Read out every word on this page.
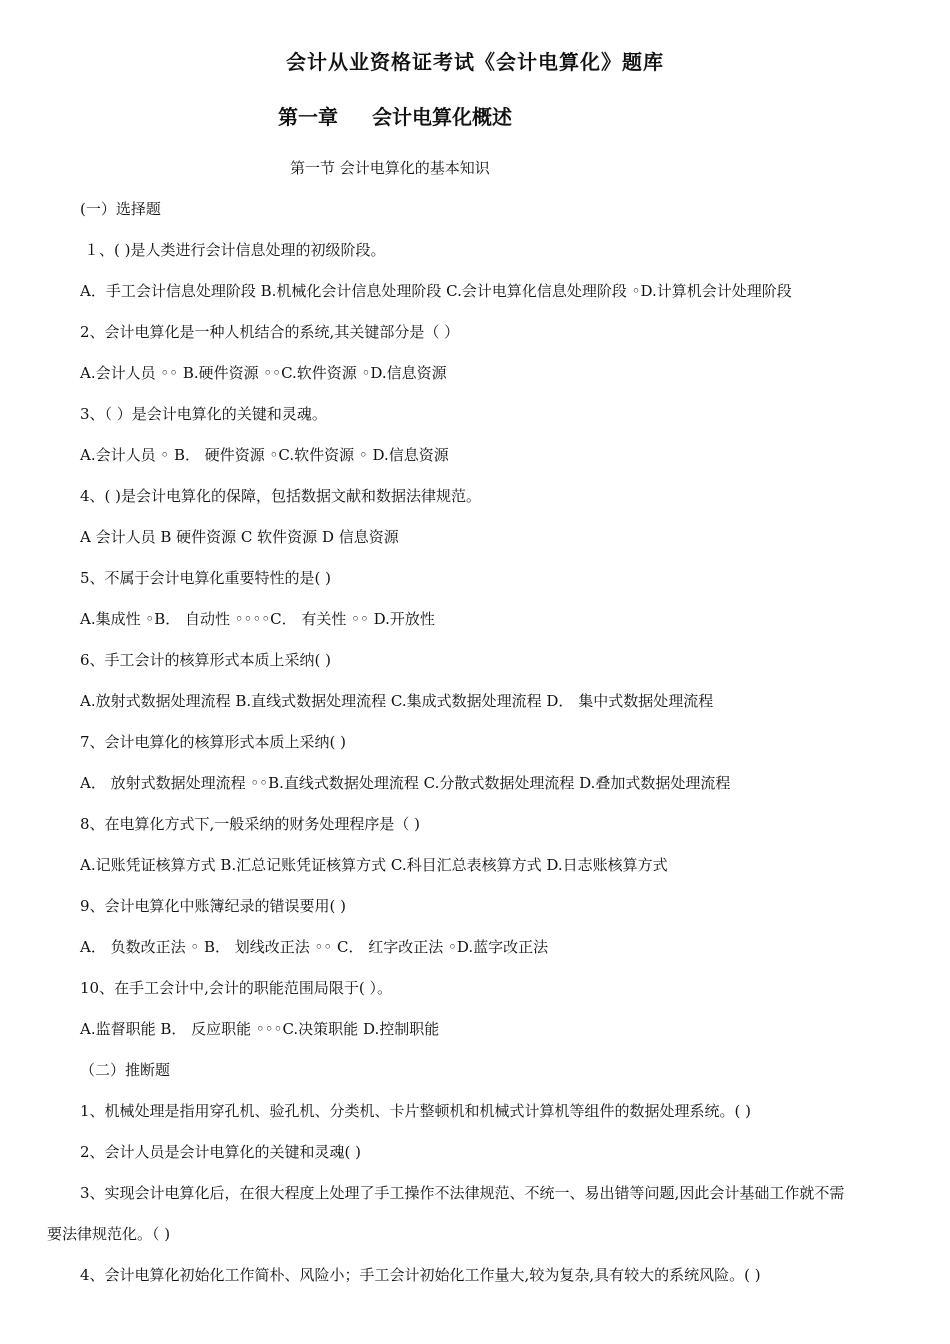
会计从业资格证考试《会计电算化》题库
第一章 会计电算化概述
第一节 会计电算化的基本知识
(一）选择题
１、( )是人类进行会计信息处理的初级阶段。
A．手工会计信息处理阶段 B.机械化会计信息处理阶段 C.会计电算化信息处理阶段 ◦D.计算机会计处理阶段
2、会计电算化是一种人机结合的系统,其关键部分是（ ）
A.会计人员 ◦◦ B.硬件资源 ◦◦C.软件资源 ◦D.信息资源
3、（ ）是会计电算化的关键和灵魂。
A.会计人员 ◦ B． 硬件资源 ◦C.软件资源 ◦ D.信息资源
4、( )是会计电算化的保障，包括数据文献和数据法律规范。
A 会计人员 B 硬件资源 C 软件资源 D 信息资源
5、不属于会计电算化重要特性的是( )
A.集成性 ◦B． 自动性 ◦◦◦◦C． 有关性 ◦◦ D.开放性
6、手工会计的核算形式本质上采纳( )
A.放射式数据处理流程 B.直线式数据处理流程 C.集成式数据处理流程 D． 集中式数据处理流程
7、会计电算化的核算形式本质上采纳( )
A． 放射式数据处理流程 ◦◦B.直线式数据处理流程 C.分散式数据处理流程 D.叠加式数据处理流程
8、在电算化方式下,一般采纳的财务处理程序是（ )
A.记账凭证核算方式 B.汇总记账凭证核算方式 C.科目汇总表核算方式 D.日志账核算方式
9、会计电算化中账簿纪录的错误要用( )
A． 负数改正法 ◦ B． 划线改正法 ◦◦ C． 红字改正法 ◦D.蓝字改正法
10、在手工会计中,会计的职能范围局限于( ）。
A.监督职能 B． 反应职能 ◦◦◦C.决策职能 D.控制职能
（二）推断题
1、机械处理是指用穿孔机、验孔机、分类机、卡片整顿机和机械式计算机等组件的数据处理系统。( )
2、会计人员是会计电算化的关键和灵魂( )
3、实现会计电算化后，在很大程度上处理了手工操作不法律规范、不统一、易出错等问题,因此会计基础工作就不需
要法律规范化。（ )
4、会计电算化初始化工作简朴、风险小；手工会计初始化工作量大,较为复杂,具有较大的系统风险。( )
